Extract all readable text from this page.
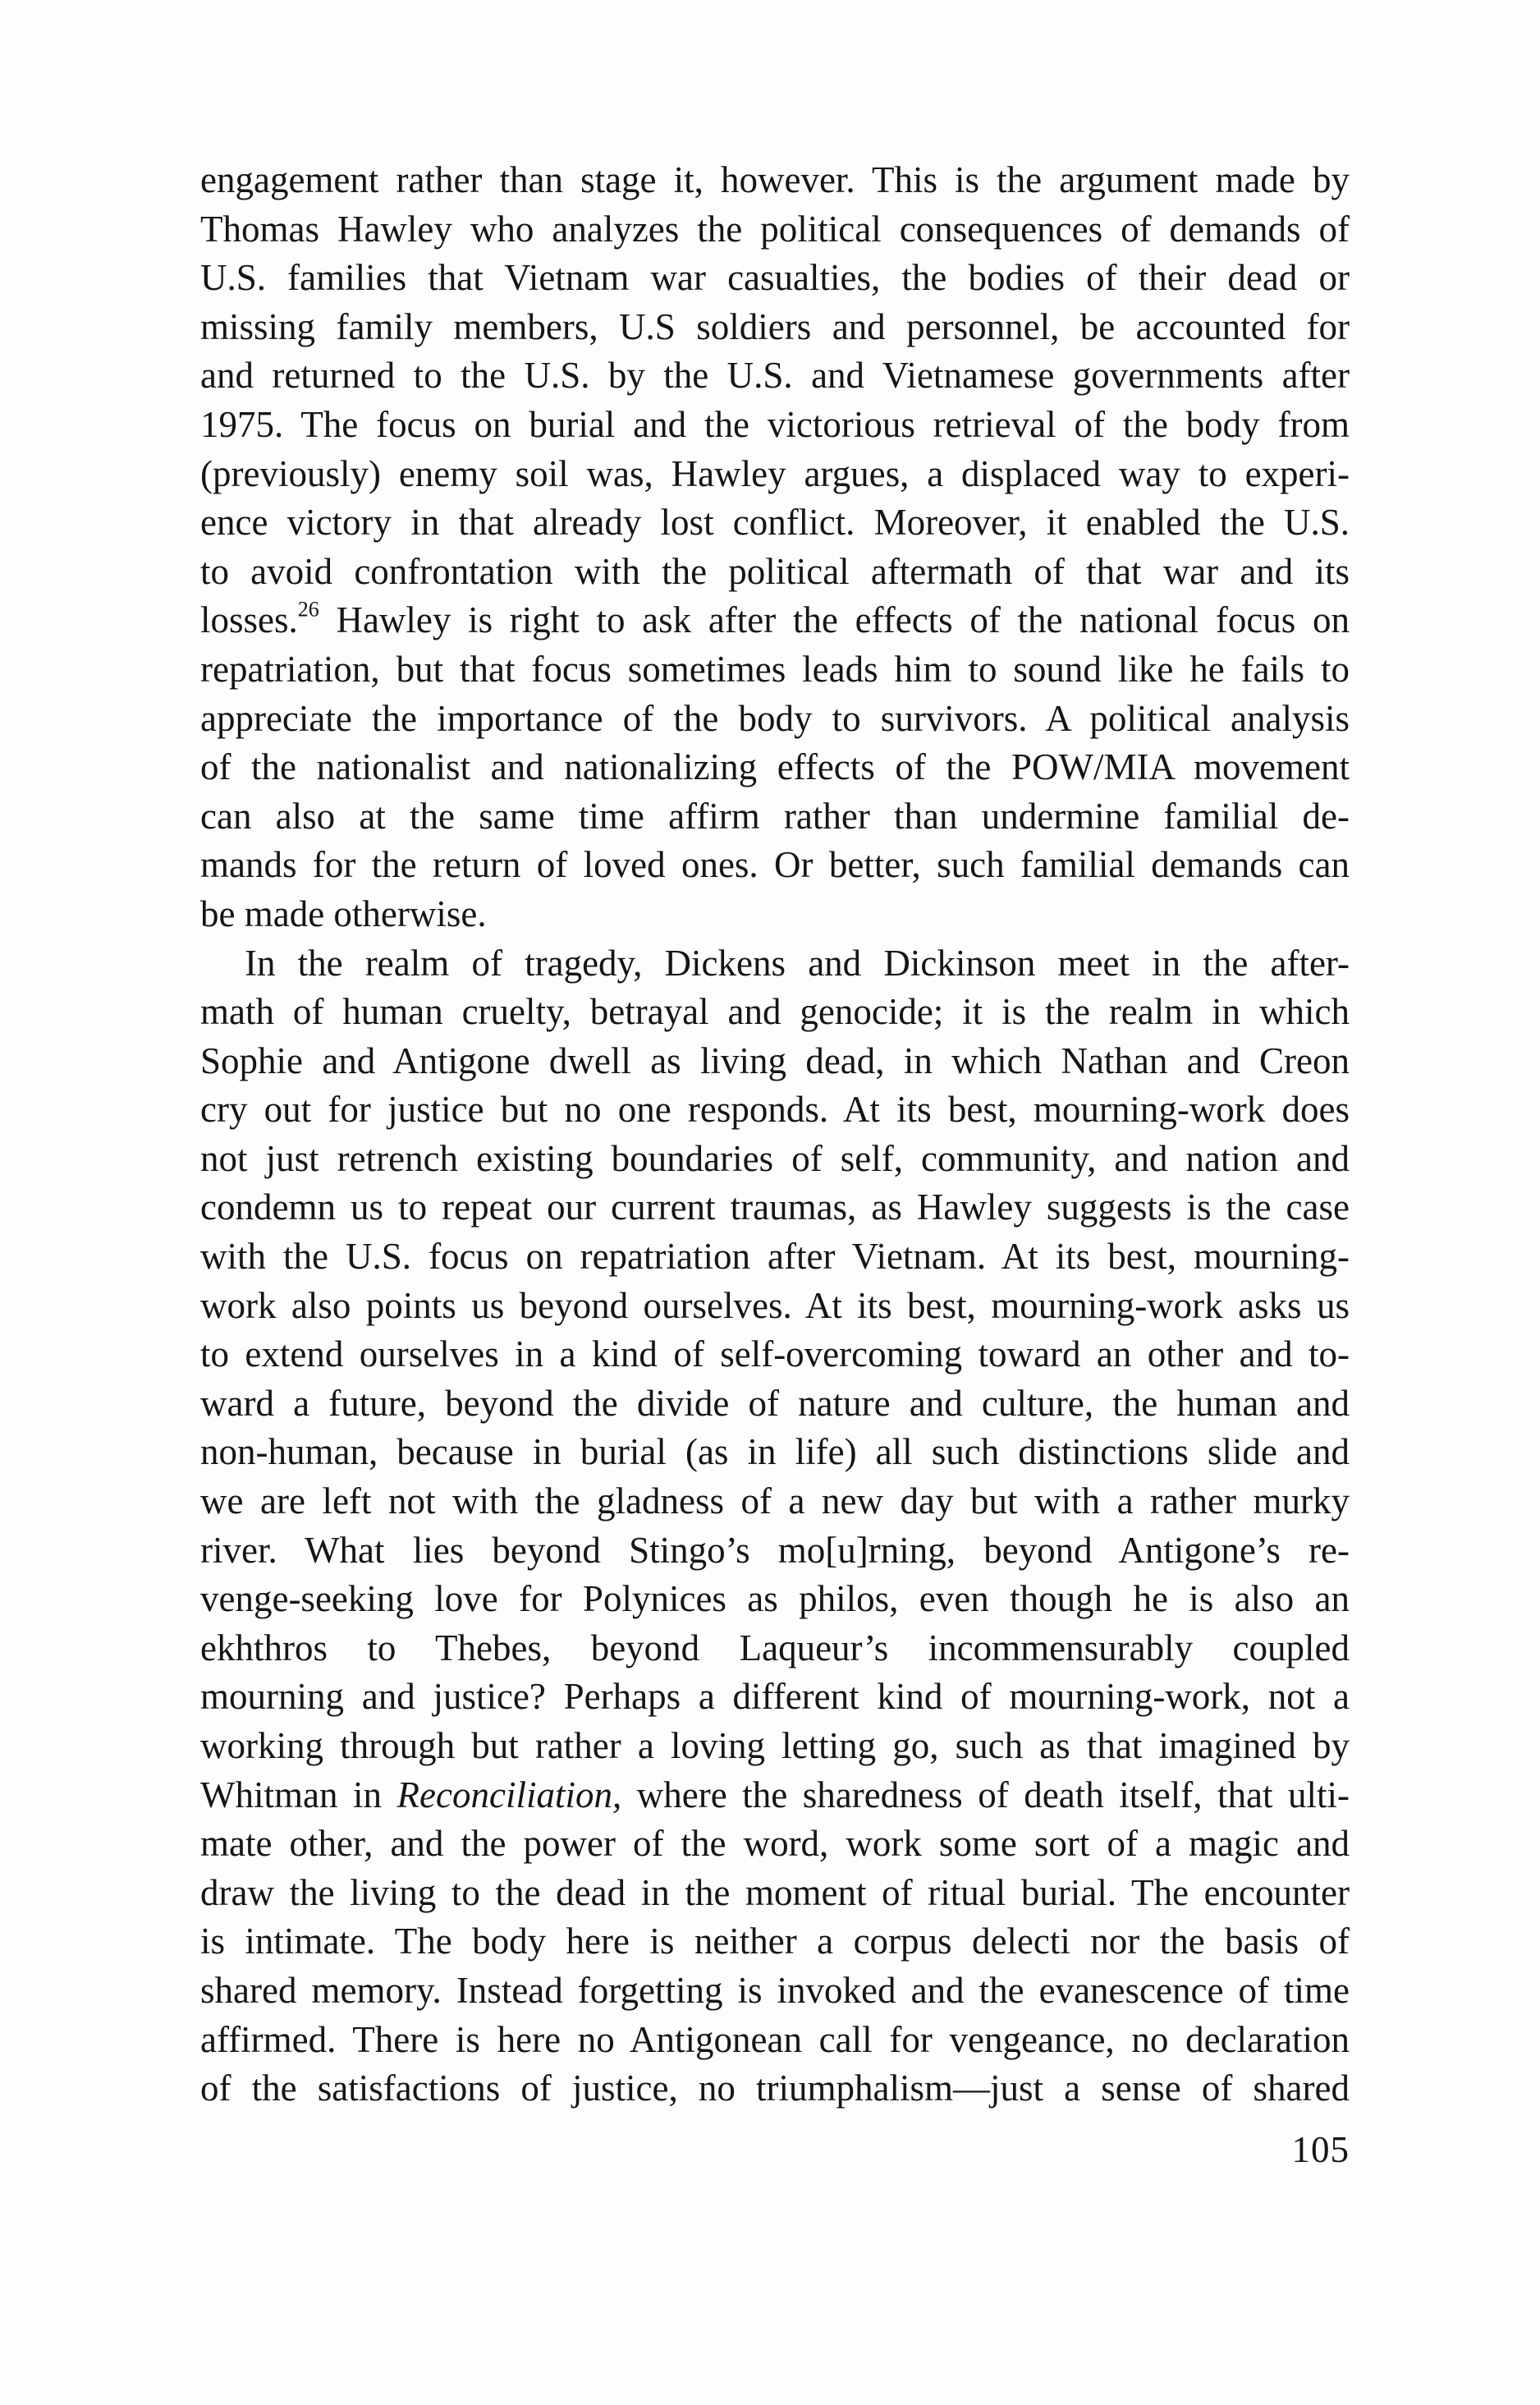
engagement rather than stage it, however. This is the argument made by
Thomas Hawley who analyzes the political consequences of demands of
U.S. families that Vietnam war casualties, the bodies of their dead or
missing family members, U.S soldiers and personnel, be accounted for
and returned to the U.S. by the U.S. and Vietnamese governments after
1975. The focus on burial and the victorious retrieval of the body from
(previously) enemy soil was, Hawley argues, a displaced way to experi-
ence victory in that already lost conflict. Moreover, it enabled the U.S.
to avoid confrontation with the political aftermath of that war and its
losses.$^{26}$ Hawley is right to ask after the effects of the national focus on
repatriation, but that focus sometimes leads him to sound like he fails to
appreciate the importance of the body to survivors. A political analysis
of the nationalist and nationalizing effects of the POW/MIA movement
can also at the same time affirm rather than undermine familial de-
mands for the return of loved ones. Or better, such familial demands can
be made otherwise.
In the realm of tragedy, Dickens and Dickinson meet in the after-
math of human cruelty, betrayal and genocide; it is the realm in which
Sophie and Antigone dwell as living dead, in which Nathan and Creon
cry out for justice but no one responds. At its best, mourning-work does
not just retrench existing boundaries of self, community, and nation and
condemn us to repeat our current traumas, as Hawley suggests is the case
with the U.S. focus on repatriation after Vietnam. At its best, mourning-
work also points us beyond ourselves. At its best, mourning-work asks us
to extend ourselves in a kind of self-overcoming toward an other and to-
ward a future, beyond the divide of nature and culture, the human and
non-human, because in burial (as in life) all such distinctions slide and
we are left not with the gladness of a new day but with a rather murky
river. What lies beyond Stingo’s mo[u]rning, beyond Antigone’s re-
venge-seeking love for Polynices as philos, even though he is also an
ekhthros to Thebes, beyond Laqueur’s incommensurably coupled
mourning and justice? Perhaps a different kind of mourning-work, not a
working through but rather a loving letting go, such as that imagined by
Whitman in Reconciliation, where the sharedness of death itself, that ulti-
mate other, and the power of the word, work some sort of a magic and
draw the living to the dead in the moment of ritual burial. The encounter
is intimate. The body here is neither a corpus delecti nor the basis of
shared memory. Instead forgetting is invoked and the evanescence of time
affirmed. There is here no Antigonean call for vengeance, no declaration
of the satisfactions of justice, no triumphalism—just a sense of shared
105
